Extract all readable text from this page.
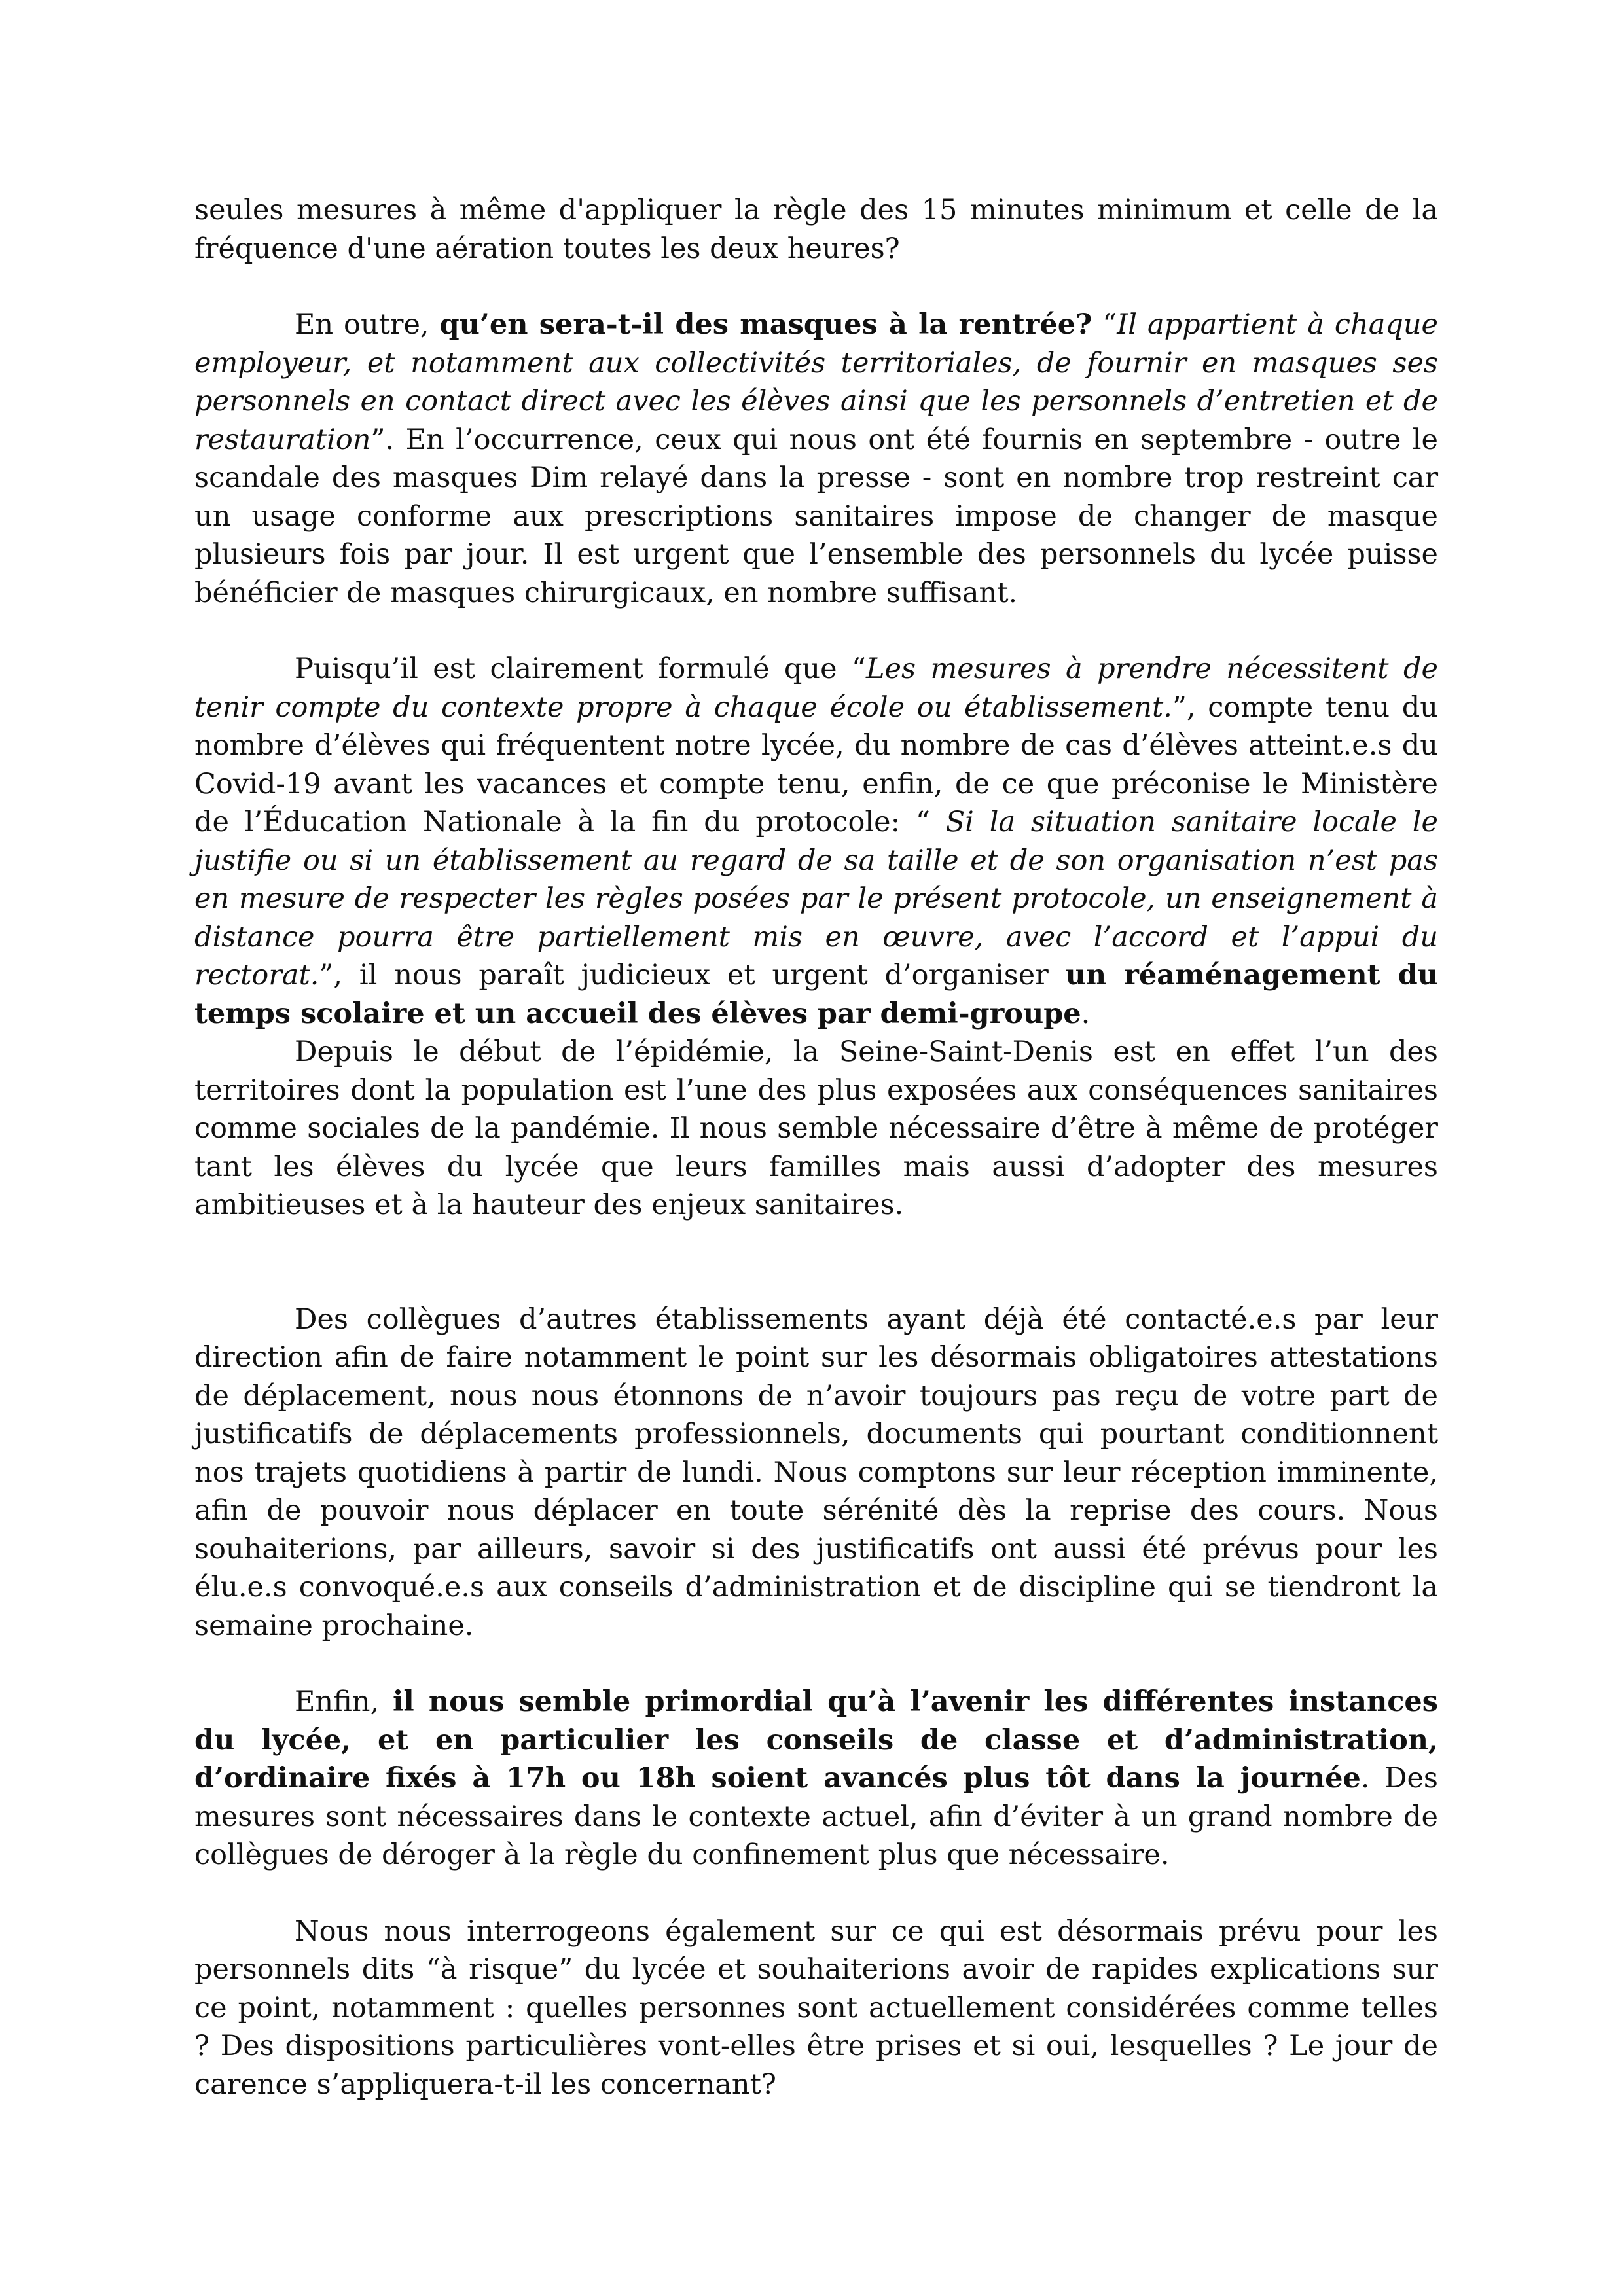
seules mesures à même d'appliquer la règle des 15 minutes minimum et celle de la fréquence d'une aération toutes les deux heures?

En outre, qu’en sera-t-il des masques à la rentrée? “Il appartient à chaque employeur, et notamment aux collectivités territoriales, de fournir en masques ses personnels en contact direct avec les élèves ainsi que les personnels d’entretien et de restauration”. En l’occurrence, ceux qui nous ont été fournis en septembre - outre le scandale des masques Dim relayé dans la presse - sont en nombre trop restreint car un usage conforme aux prescriptions sanitaires impose de changer de masque plusieurs fois par jour. Il est urgent que l’ensemble des personnels du lycée puisse bénéficier de masques chirurgicaux, en nombre suffisant.

Puisqu’il est clairement formulé que “Les mesures à prendre nécessitent de tenir compte du contexte propre à chaque école ou établissement.”, compte tenu du nombre d’élèves qui fréquentent notre lycée, du nombre de cas d’élèves atteint.e.s du Covid-19 avant les vacances et compte tenu, enfin, de ce que préconise le Ministère de l’Éducation Nationale à la fin du protocole: “ Si la situation sanitaire locale le justifie ou si un établissement au regard de sa taille et de son organisation n’est pas en mesure de respecter les règles posées par le présent protocole, un enseignement à distance pourra être partiellement mis en œuvre, avec l’accord et l’appui du rectorat.”, il nous paraît judicieux et urgent d’organiser un réaménagement du temps scolaire et un accueil des élèves par demi-groupe.

Depuis le début de l’épidémie, la Seine-Saint-Denis est en effet l’un des territoires dont la population est l’une des plus exposées aux conséquences sanitaires comme sociales de la pandémie. Il nous semble nécessaire d’être à même de protéger tant les élèves du lycée que leurs familles mais aussi d’adopter des mesures ambitieuses et à la hauteur des enjeux sanitaires.

Des collègues d’autres établissements ayant déjà été contacté.e.s par leur direction afin de faire notamment le point sur les désormais obligatoires attestations de déplacement, nous nous étonnons de n’avoir toujours pas reçu de votre part de justificatifs de déplacements professionnels, documents qui pourtant conditionnent nos trajets quotidiens à partir de lundi. Nous comptons sur leur réception imminente, afin de pouvoir nous déplacer en toute sérénité dès la reprise des cours. Nous souhaiterions, par ailleurs, savoir si des justificatifs ont aussi été prévus pour les élu.e.s convoqué.e.s aux conseils d’administration et de discipline qui se tiendront la semaine prochaine.

Enfin, il nous semble primordial qu’à l’avenir les différentes instances du lycée, et en particulier les conseils de classe et d’administration, d’ordinaire fixés à 17h ou 18h soient avancés plus tôt dans la journée. Des mesures sont nécessaires dans le contexte actuel, afin d’éviter à un grand nombre de collègues de déroger à la règle du confinement plus que nécessaire.

Nous nous interrogeons également sur ce qui est désormais prévu pour les personnels dits “à risque” du lycée et souhaiterions avoir de rapides explications sur ce point, notamment : quelles personnes sont actuellement considérées comme telles ? Des dispositions particulières vont-elles être prises et si oui, lesquelles ? Le jour de carence s’appliquera-t-il les concernant?
